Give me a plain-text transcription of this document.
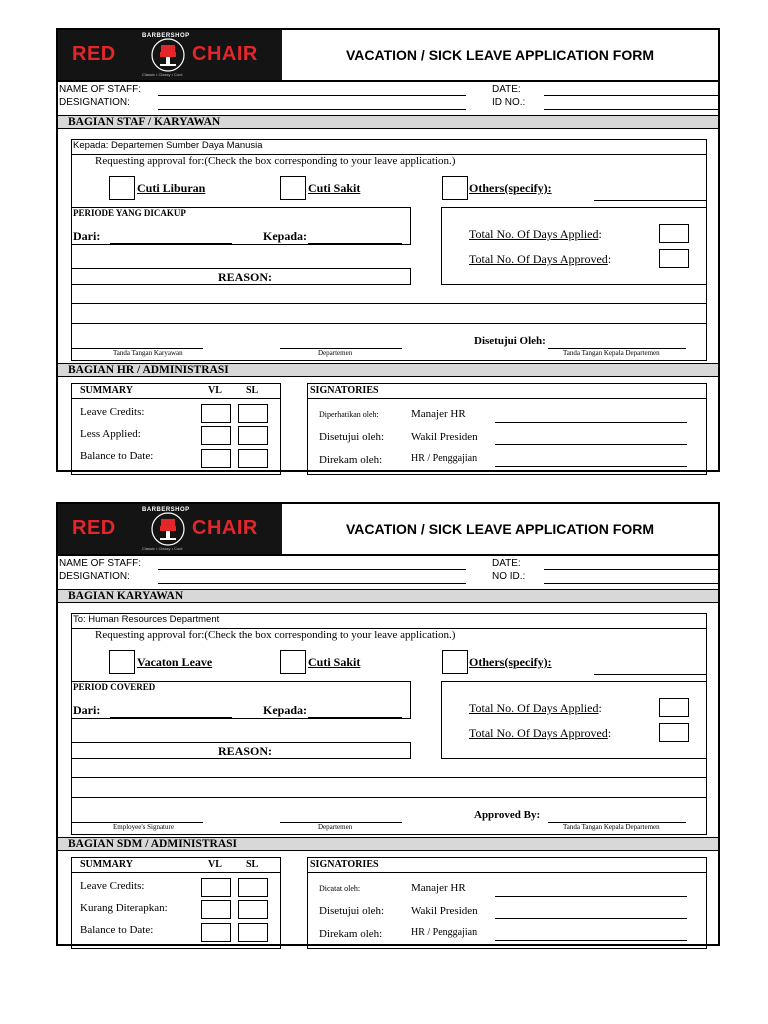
BARBERSHOP
RED	CHAIR
Classic • Classy • Cool
VACATION / SICK LEAVE APPLICATION FORM
NAME OF STAFF:
DESIGNATION:
DATE:
ID NO.:
BAGIAN STAF / KARYAWAN
Kepada: Departemen Sumber Daya Manusia
Requesting approval for:(Check the box corresponding to your leave application.)
Cuti Liburan	Cuti Sakit	Others(specify):
PERIODE YANG DICAKUP
Dari:	Kepada:	Total No. Of Days Applied:
Total No. Of Days Approved:
REASON:
Disetujui Oleh:
Tanda Tangan Karyawan	Departemen	Tanda Tangan Kepala Departemen
BAGIAN HR / ADMINISTRASI
SUMMARY	VL SL
Leave Credits:
Less Applied:
Balance to Date:
SIGNATORIES
Diperhatikan oleh:	Manajer HR
Disetujui oleh: Wakil Presiden
Direkam oleh:	HR / Penggajian
BARBERSHOP
RED	CHAIR
Classic • Classy • Cool
VACATION / SICK LEAVE APPLICATION FORM
NAME OF STAFF:
DESIGNATION:
DATE:
NO ID.:
BAGIAN KARYAWAN
To: Human Resources Department
Requesting approval for:(Check the box corresponding to your leave application.)
Vacaton Leave	Cuti Sakit	Others(specify):
PERIOD COVERED
Dari:	Kepada:	Total No. Of Days Applied:
Total No. Of Days Approved:
REASON:
Approved By:
Employee's Signature	Departemen	Tanda Tangan Kepala Departemen
BAGIAN SDM / ADMINISTRASI
SUMMARY	VL SL
Leave Credits:
Kurang Diterapkan:
Balance to Date:
SIGNATORIES
Dicatat oleh:	Manajer HR
Disetujui oleh: Wakil Presiden
Direkam oleh:	HR / Penggajian
